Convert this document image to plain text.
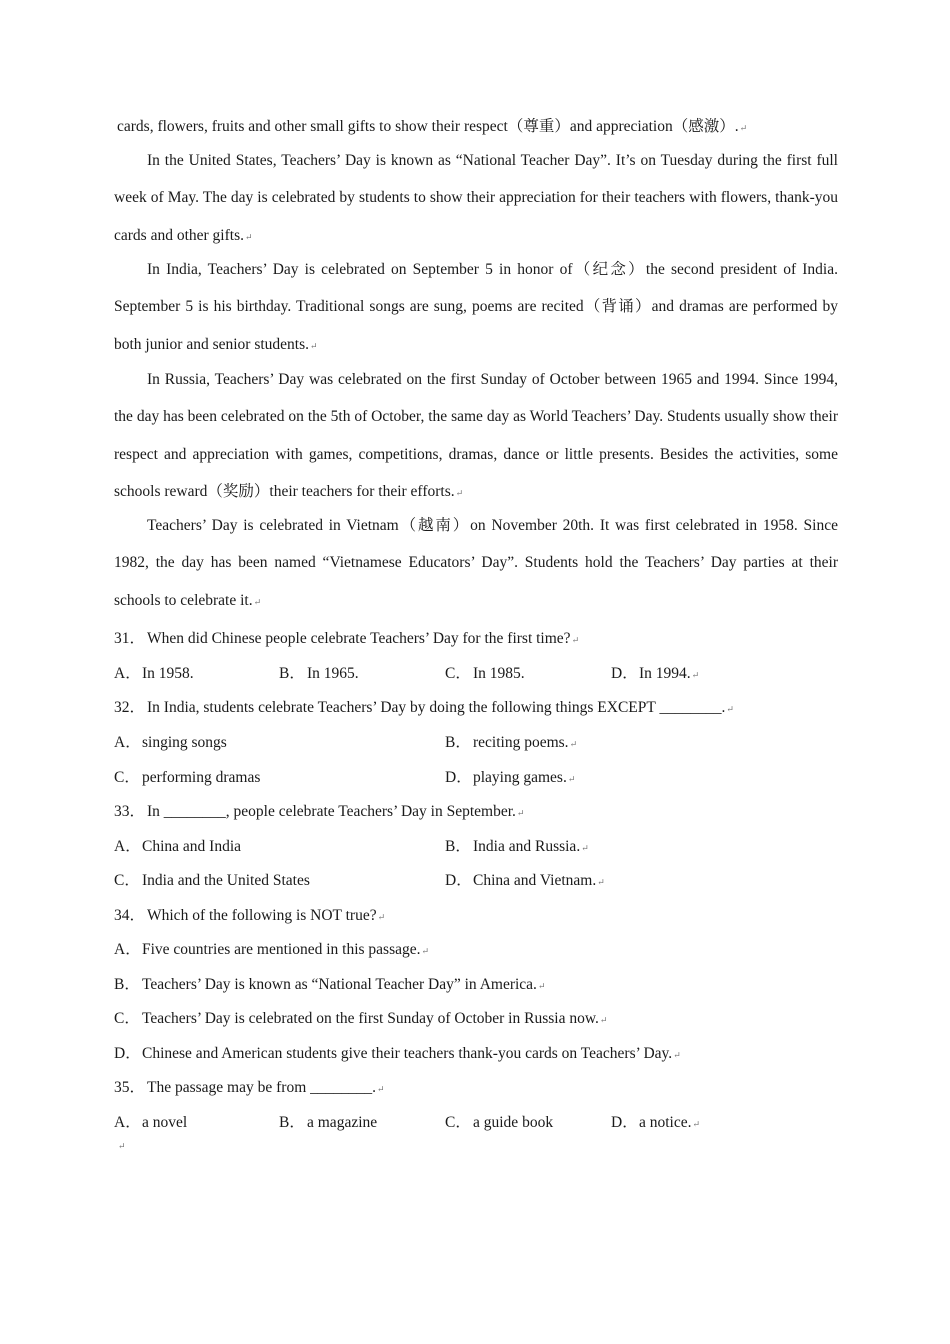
cards, flowers, fruits and other small gifts to show their respect（尊重）and appreciation（感激）.↵

In the United States, Teachers’ Day is known as “National Teacher Day”. It’s on Tuesday during the first full week of May. The day is celebrated by students to show their appreciation for their teachers with flowers, thank-you cards and other gifts.↵

In India, Teachers’ Day is celebrated on September 5 in honor of（纪念）the second president of India. September 5 is his birthday. Traditional songs are sung, poems are recited（背诵）and dramas are performed by both junior and senior students.↵

In Russia, Teachers’ Day was celebrated on the first Sunday of October between 1965 and 1994. Since 1994, the day has been celebrated on the 5th of October, the same day as World Teachers’ Day. Students usually show their respect and appreciation with games, competitions, dramas, dance or little presents. Besides the activities, some schools reward（奖励）their teachers for their efforts.↵

Teachers’ Day is celebrated in Vietnam（越南）on November 20th. It was first celebrated in 1958. Since 1982, the day has been named “Vietnamese Educators’ Day”. Students hold the Teachers’ Day parties at their schools to celebrate it.↵

31． When did Chinese people celebrate Teachers’ Day for the first time?↵
A．In 1958.	B． In 1965.	C． In 1985.	D．In 1994.↵
32． In India, students celebrate Teachers’ Day by doing the following things EXCEPT ________.↵
A．singing songs	B． reciting poems.↵
C． performing dramas	D．playing games.↵
33． In ________, people celebrate Teachers’ Day in September.↵
A．China and India	B． India and Russia.↵
C． India and the United States	D．China and Vietnam.↵
34． Which of the following is NOT true?↵
A．Five countries are mentioned in this passage.↵
B． Teachers’ Day is known as “National Teacher Day” in America.↵
C． Teachers’ Day is celebrated on the first Sunday of October in Russia now.↵
D．Chinese and American students give their teachers thank-you cards on Teachers’ Day.↵
35． The passage may be from ________.↵
A．a novel	B． a magazine	C． a guide book	D．a notice.↵
↵
